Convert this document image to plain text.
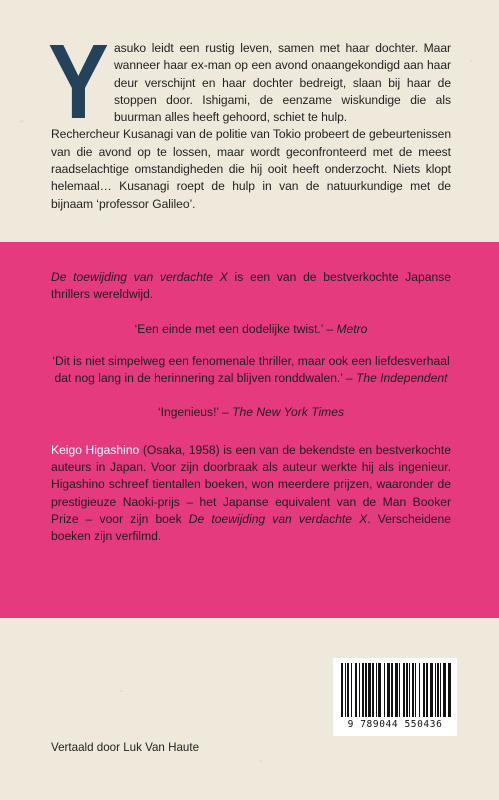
Yasuko leidt een rustig leven, samen met haar dochter. Maar wanneer haar ex-man op een avond onaangekondigd aan haar deur verschijnt en haar dochter bedreigt, slaan bij haar de stoppen door. Ishigami, de eenzame wiskundige die als buurman alles heeft gehoord, schiet te hulp.
Rechercheur Kusanagi van de politie van Tokio probeert de gebeurtenissen van die avond op te lossen, maar wordt geconfronteerd met de meest raadselachtige omstandigheden die hij ooit heeft onderzocht. Niets klopt helemaal… Kusanagi roept de hulp in van de natuurkundige met de bijnaam ‘professor Galileo’.

De toewijding van verdachte X is een van de bestverkochte Japanse thrillers wereldwijd.

‘Een einde met een dodelijke twist.’ – Metro

‘Dit is niet simpelweg een fenomenale thriller, maar ook een liefdesverhaal dat nog lang in de herinnering zal blijven ronddwalen.’ – The Independent

‘Ingenieus!’ – The New York Times

Keigo Higashino (Osaka, 1958) is een van de bekendste en bestverkochte auteurs in Japan. Voor zijn doorbraak als auteur werkte hij als ingenieur. Higashino schreef tientallen boeken, won meerdere prijzen, waaronder de prestigieuze Naoki-prijs – het Japanse equivalent van de Man Booker Prize – voor zijn boek De toewijding van verdachte X. Verscheidene boeken zijn verfilmd.

9 789044 550436
Vertaald door Luk Van Haute
